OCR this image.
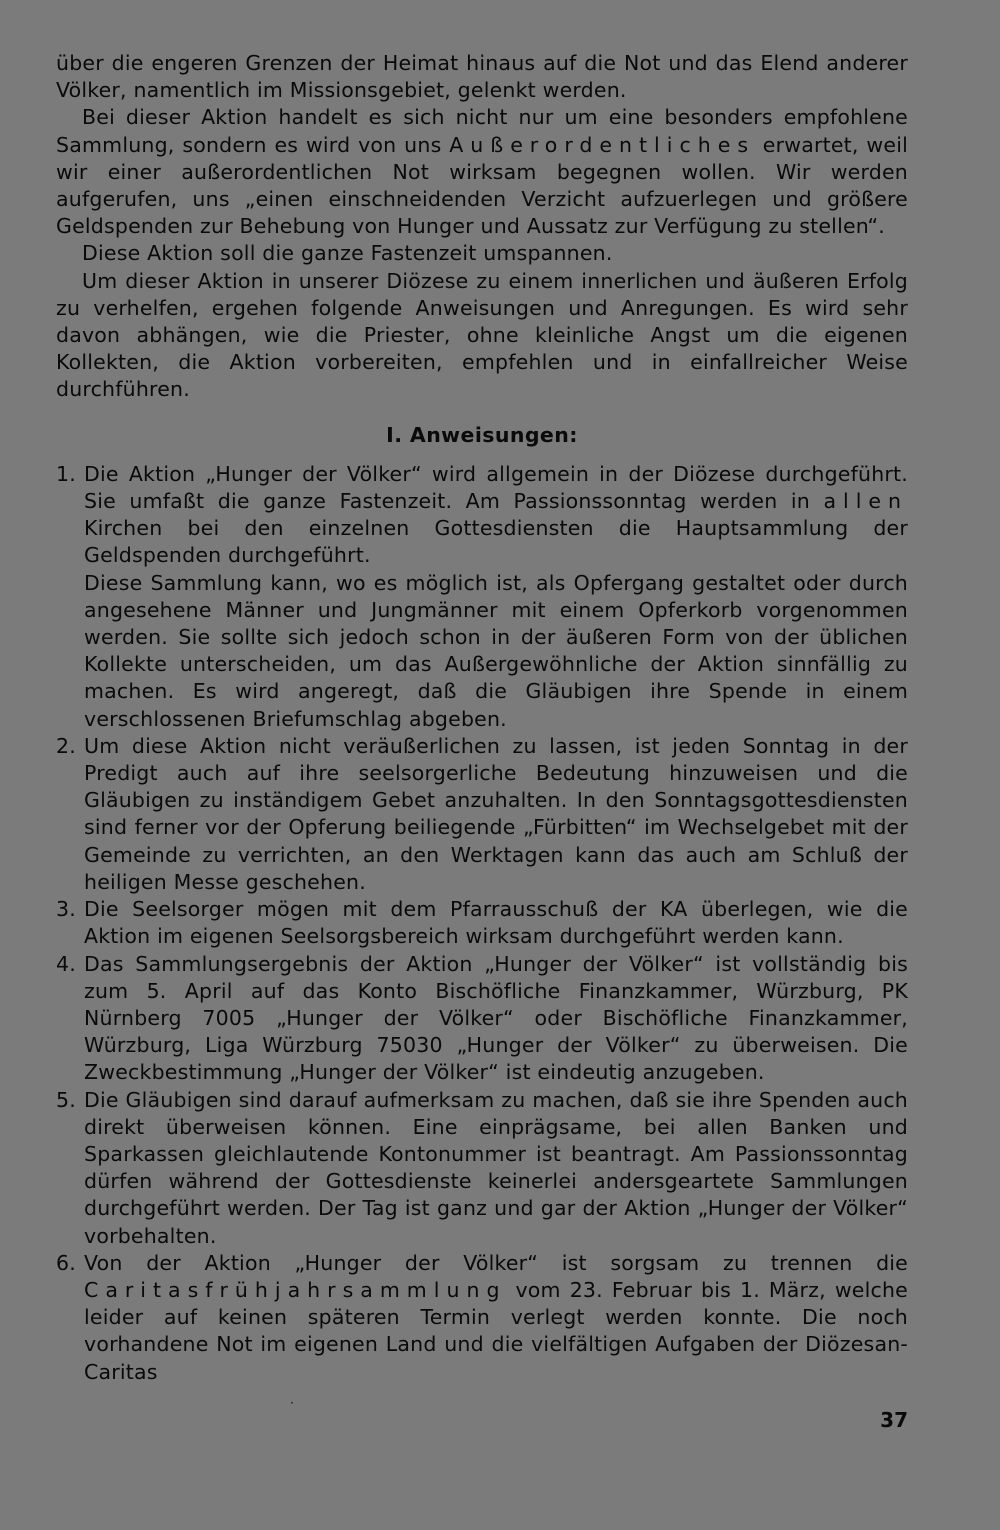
über die engeren Grenzen der Heimat hinaus auf die Not und das Elend anderer Völker, namentlich im Missionsgebiet, gelenkt werden.

Bei dieser Aktion handelt es sich nicht nur um eine besonders empfohlene Sammlung, sondern es wird von uns Außerordentliches erwartet, weil wir einer außerordentlichen Not wirksam begegnen wollen. Wir werden aufgerufen, uns „einen einschneidenden Verzicht aufzuerlegen und größere Geldspenden zur Behebung von Hunger und Aussatz zur Verfügung zu stellen“.

Diese Aktion soll die ganze Fastenzeit umspannen.

Um dieser Aktion in unserer Diözese zu einem innerlichen und äußeren Erfolg zu verhelfen, ergehen folgende Anweisungen und Anregungen. Es wird sehr davon abhängen, wie die Priester, ohne kleinliche Angst um die eigenen Kollekten, die Aktion vorbereiten, empfehlen und in einfallreicher Weise durchführen.

I. Anweisungen:

1. Die Aktion „Hunger der Völker“ wird allgemein in der Diözese durchgeführt. Sie umfaßt die ganze Fastenzeit. Am Passionssonntag werden in allen Kirchen bei den einzelnen Gottesdiensten die Hauptsammlung der Geldspenden durchgeführt.

Diese Sammlung kann, wo es möglich ist, als Opfergang gestaltet oder durch angesehene Männer und Jungmänner mit einem Opferkorb vorgenommen werden. Sie sollte sich jedoch schon in der äußeren Form von der üblichen Kollekte unterscheiden, um das Außergewöhnliche der Aktion sinnfällig zu machen. Es wird angeregt, daß die Gläubigen ihre Spende in einem verschlossenen Briefumschlag abgeben.

2. Um diese Aktion nicht veräußerlichen zu lassen, ist jeden Sonntag in der Predigt auch auf ihre seelsorgerliche Bedeutung hinzuweisen und die Gläubigen zu inständigem Gebet anzuhalten. In den Sonntagsgottesdiensten sind ferner vor der Opferung beiliegende „Fürbitten“ im Wechselgebet mit der Gemeinde zu verrichten, an den Werktagen kann das auch am Schluß der heiligen Messe geschehen.

3. Die Seelsorger mögen mit dem Pfarrausschuß der KA überlegen, wie die Aktion im eigenen Seelsorgsbereich wirksam durchgeführt werden kann.

4. Das Sammlungsergebnis der Aktion „Hunger der Völker“ ist vollständig bis zum 5. April auf das Konto Bischöfliche Finanzkammer, Würzburg, PK Nürnberg 7005 „Hunger der Völker“ oder Bischöfliche Finanzkammer, Würzburg, Liga Würzburg 75030 „Hunger der Völker“ zu überweisen. Die Zweckbestimmung „Hunger der Völker“ ist eindeutig anzugeben.

5. Die Gläubigen sind darauf aufmerksam zu machen, daß sie ihre Spenden auch direkt überweisen können. Eine einprägsame, bei allen Banken und Sparkassen gleichlautende Kontonummer ist beantragt. Am Passionssonntag dürfen während der Gottesdienste keinerlei andersgeartete Sammlungen durchgeführt werden. Der Tag ist ganz und gar der Aktion „Hunger der Völker“ vorbehalten.

6. Von der Aktion „Hunger der Völker“ ist sorgsam zu trennen die Caritasfrühjahrsammlung vom 23. Februar bis 1. März, welche leider auf keinen späteren Termin verlegt werden konnte. Die noch vorhandene Not im eigenen Land und die vielfältigen Aufgaben der Diözesan-Caritas

·
37
